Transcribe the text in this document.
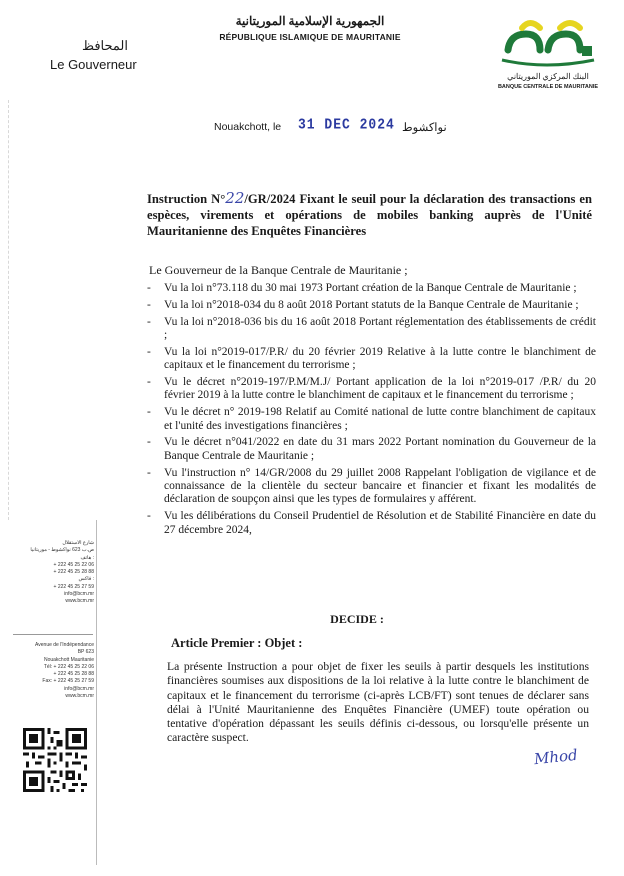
الجمهورية الإسلامية الموريتانية
RÉPUBLIQUE ISLAMIQUE DE MAURITANIE
المحافظ
Le Gouverneur
البنك المركزي الموريتاني
BANQUE CENTRALE DE MAURITANIE
Nouakchott, le 31 DEC 2024 نواكشوط
Instruction N°22/GR/2024 Fixant le seuil pour la déclaration des transactions en espèces, virements et opérations de mobiles banking auprès de l'Unité Mauritanienne des Enquêtes Financières
Le Gouverneur de la Banque Centrale de Mauritanie ;
- Vu la loi n°73.118 du 30 mai 1973 Portant création de la Banque Centrale de Mauritanie ;
- Vu la loi n°2018-034 du 8 août 2018 Portant statuts de la Banque Centrale de Mauritanie ;
- Vu la loi n°2018-036 bis du 16 août 2018 Portant réglementation des établissements de crédit ;
- Vu la loi n°2019-017/P.R/ du 20 février 2019 Relative à la lutte contre le blanchiment de capitaux et le financement du terrorisme ;
- Vu le décret n°2019-197/P.M/M.J/ Portant application de la loi n°2019-017 /P.R/ du 20 février 2019 à la lutte contre le blanchiment de capitaux et le financement du terrorisme ;
- Vu le décret n° 2019-198 Relatif au Comité national de lutte contre blanchiment de capitaux et l'unité des investigations financières ;
- Vu le décret n°041/2022 en date du 31 mars 2022 Portant nomination du Gouverneur de la Banque Centrale de Mauritanie ;
- Vu l'instruction n° 14/GR/2008 du 29 juillet 2008 Rappelant l'obligation de vigilance et de connaissance de la clientèle du secteur bancaire et financier et fixant les modalités de déclaration de soupçon ainsi que les types de formulaires y afférent.
- Vu les délibérations du Conseil Prudentiel de Résolution et de Stabilité Financière en date du 27 décembre 2024,
DECIDE :
Article Premier : Objet :
La présente Instruction a pour objet de fixer les seuils à partir desquels les institutions financières soumises aux dispositions de la loi relative à la lutte contre le blanchiment de capitaux et le financement du terrorisme (ci-après LCB/FT) sont tenues de déclarer sans délai à l'Unité Mauritanienne des Enquêtes Financière (UMEF) toute opération ou tentative d'opération dépassant les seuils définis ci-dessous, ou lorsqu'elle présente un caractère suspect.
Mhod
شارع الاستقلال
ص.ب 623 نواكشوط - موريتانيا
هاتف :
+ 222 45 25 22 06
+ 222 45 25 28 88
فاكس :
+ 222 45 25 27 59
info@bcm.mr
www.bcm.mr
Avenue de l'Indépendance
BP 623
Nouakchott Mauritanie
Tél: + 222 45 25 22 06
+ 222 45 25 28 88
Fax: + 222 45 25 27 59
info@bcm.mr
www.bcm.mr
